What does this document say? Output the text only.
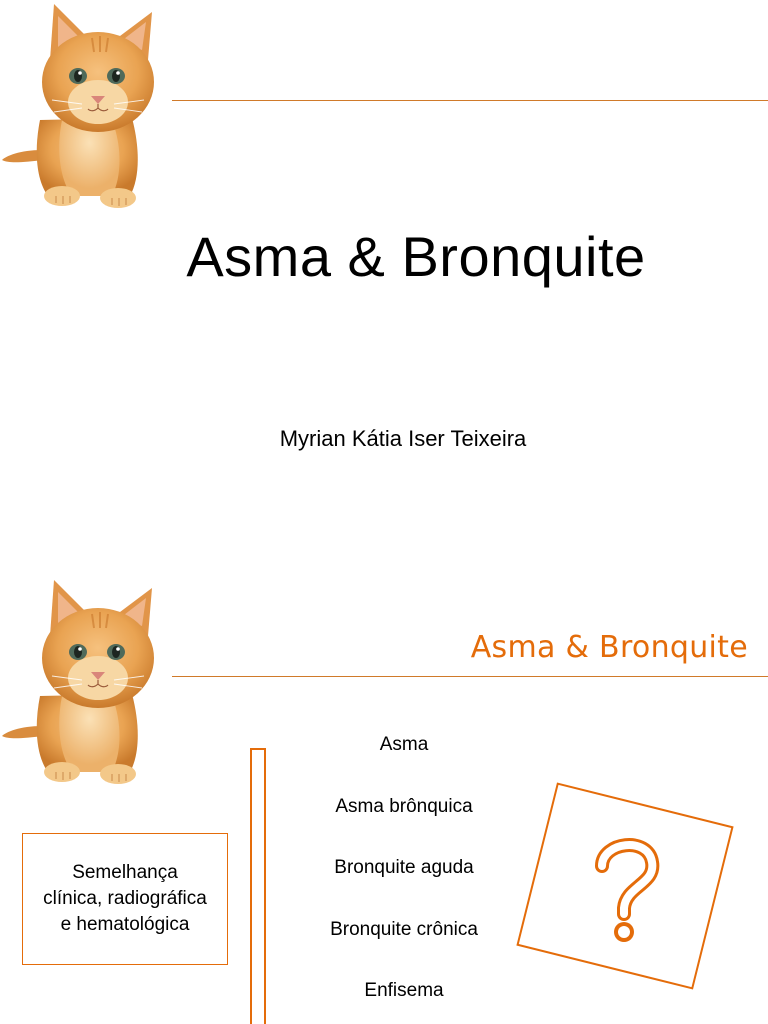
Asma & Bronquite
Myrian Kátia Iser Teixeira
Asma & Bronquite
Semelhança clínica, radiográfica e hematológica
Asma
Asma brônquica
Bronquite aguda
Bronquite crônica
Enfisema
